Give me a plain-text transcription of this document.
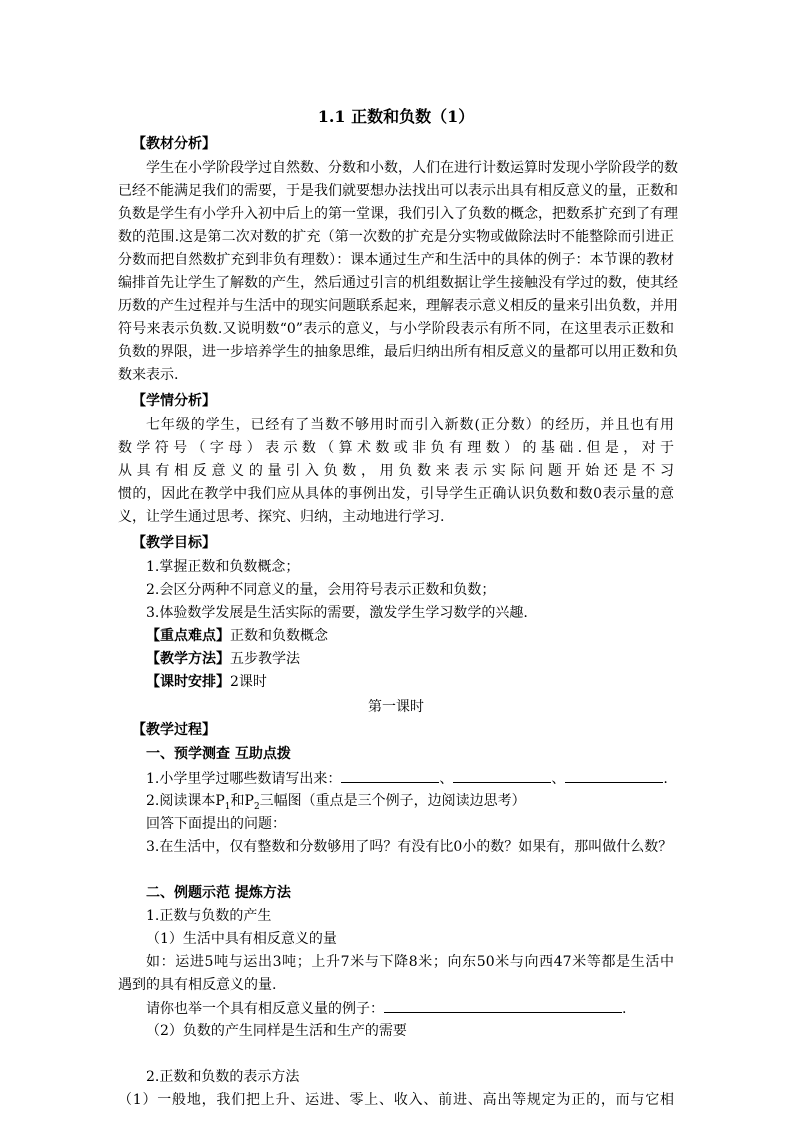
1.1 正数和负数（1）
【教材分析】
学生在小学阶段学过自然数、分数和小数，人们在进行计数运算时发现小学阶段学的数
已经不能满足我们的需要，于是我们就要想办法找出可以表示出具有相反意义的量，正数和
负数是学生有小学升入初中后上的第一堂课，我们引入了负数的概念，把数系扩充到了有理
数的范围.这是第二次对数的扩充（第一次数的扩充是分实物或做除法时不能整除而引进正
分数而把自然数扩充到非负有理数）：课本通过生产和生活中的具体的例子：本节课的教材
编排首先让学生了解数的产生，然后通过引言的机组数据让学生接触没有学过的数，使其经
历数的产生过程并与生活中的现实问题联系起来，理解表示意义相反的量来引出负数，并用
符号来表示负数.又说明数“0”表示的意义，与小学阶段表示有所不同，在这里表示正数和
负数的界限，进一步培养学生的抽象思维，最后归纳出所有相反意义的量都可以用正数和负
数来表示.
【学情分析】
七年级的学生，已经有了当数不够用时而引入新数(正分数）的经历，并且也有用
数学符号（字母）表示数（算术数或非负有理数）的基础.但是，对于
从具有相反意义的量引入负数，用负数来表示实际问题开始还是不习
惯的，因此在教学中我们应从具体的事例出发，引导学生正确认识负数和数0表示量的意
义，让学生通过思考、探究、归纳，主动地进行学习.
【教学目标】
1.掌握正数和负数概念；
2.会区分两种不同意义的量，会用符号表示正数和负数；
3.体验数学发展是生活实际的需要，激发学生学习数学的兴趣.
【重点难点】正数和负数概念
【教学方法】五步教学法
【课时安排】2课时
第一课时
【教学过程】
一、预学测查 互助点拨
1.小学里学过哪些数请写出来：	、	、	.
2.阅读课本$P_1$和$P_2$三幅图（重点是三个例子，边阅读边思考）
回答下面提出的问题：
3.在生活中，仅有整数和分数够用了吗？有没有比0小的数？如果有，那叫做什么数？
二、例题示范 提炼方法
1.正数与负数的产生
（1）生活中具有相反意义的量
如：运进5吨与运出3吨；上升7米与下降8米；向东50米与向西47米等都是生活中
遇到的具有相反意义的量.
请你也举一个具有相反意义量的例子：	.
（2）负数的产生同样是生活和生产的需要
2.正数和负数的表示方法
（1）一般地，我们把上升、运进、零上、收入、前进、高出等规定为正的，而与它相
